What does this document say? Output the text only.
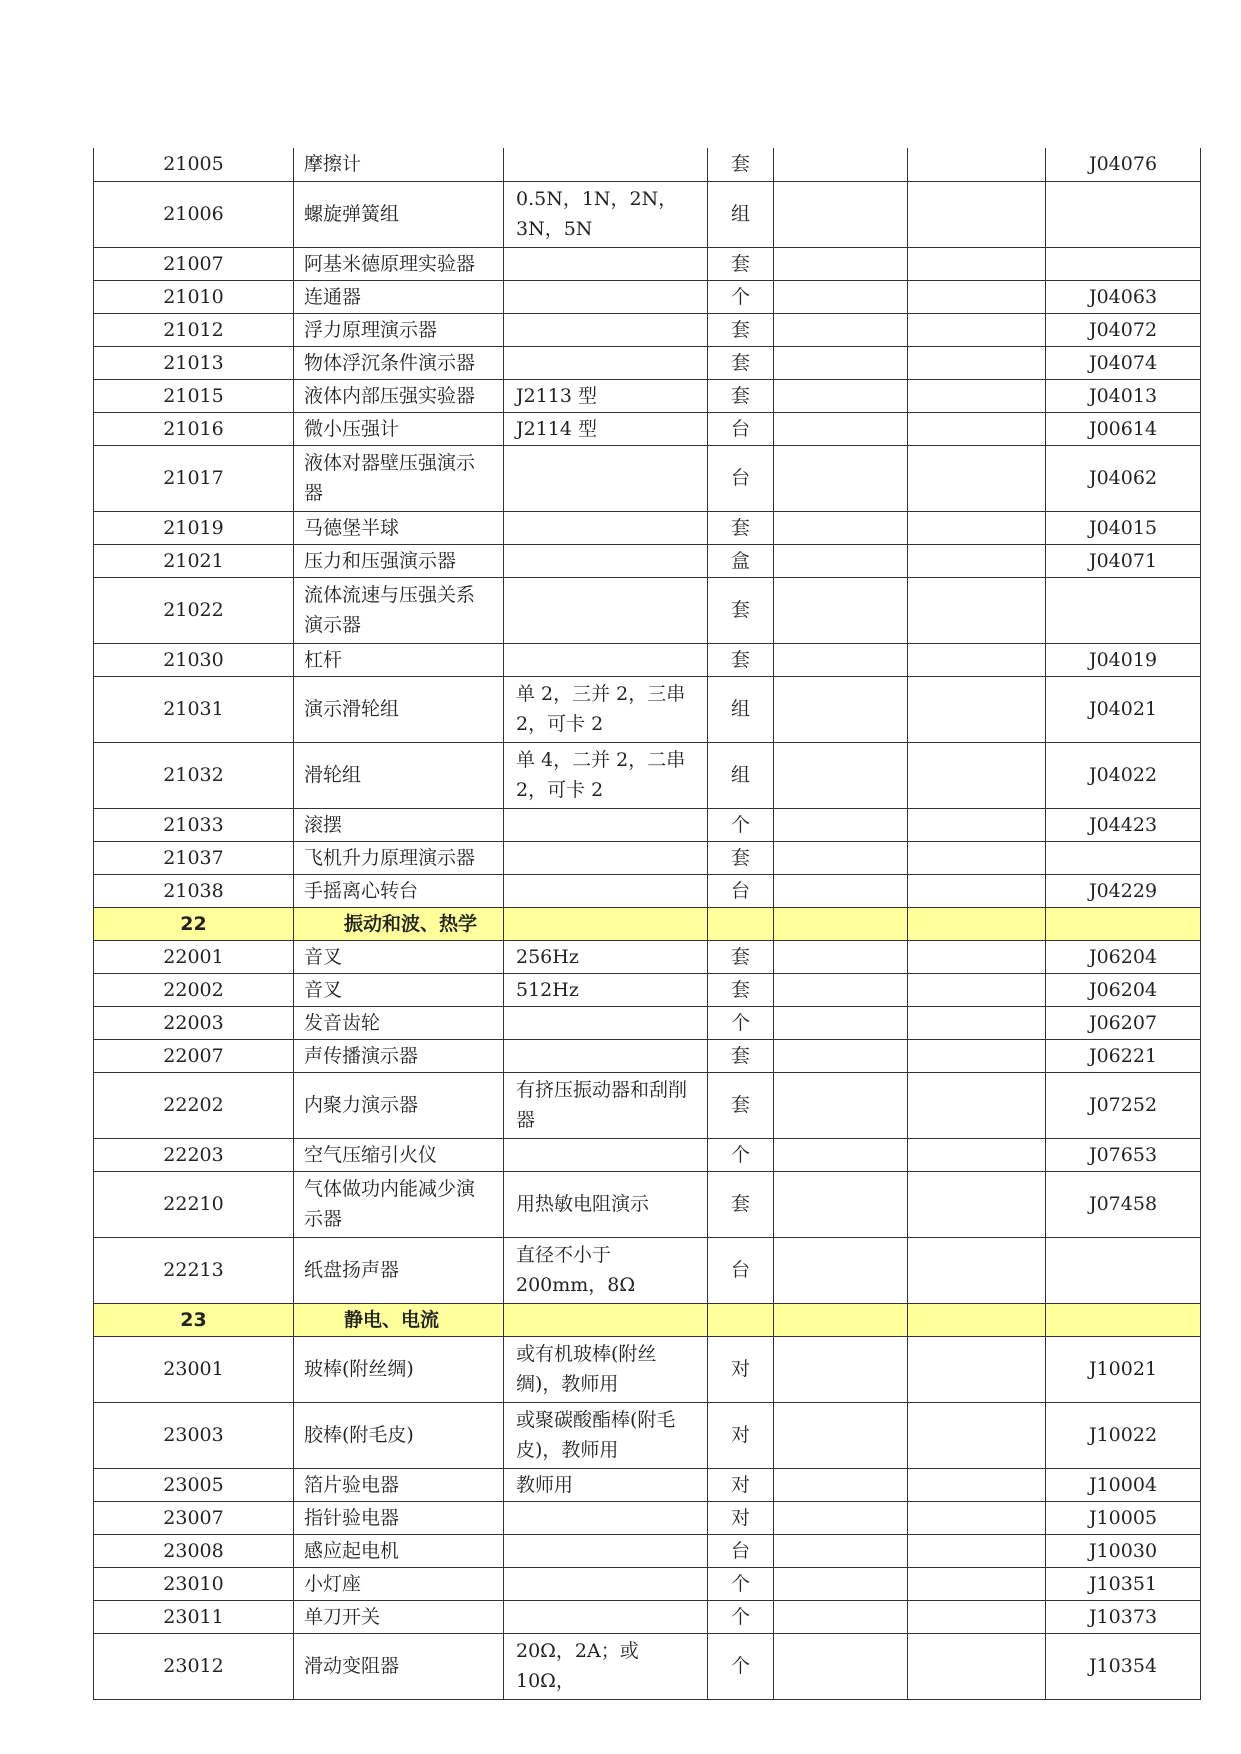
21005	摩擦计		套			J04076
21006	螺旋弹簧组	0.5N，1N，2N，3N，5N	组			
21007	阿基米德原理实验器		套			
21010	连通器		个			J04063
21012	浮力原理演示器		套			J04072
21013	物体浮沉条件演示器		套			J04074
21015	液体内部压强实验器	J2113 型	套			J04013
21016	微小压强计	J2114 型	台			J00614
21017	液体对器壁压强演示器		台			J04062
21019	马德堡半球		套			J04015
21021	压力和压强演示器		盒			J04071
21022	流体流速与压强关系演示器		套			
21030	杠杆		套			J04019
21031	演示滑轮组	单 2，三并 2，三串 2，可卡 2	组			J04021
21032	滑轮组	单 4，二并 2，二串 2，可卡 2	组			J04022
21033	滚摆		个			J04423
21037	飞机升力原理演示器		套			
21038	手摇离心转台		台			J04229
22	振动和波、热学					
22001	音叉	256Hz	套			J06204
22002	音叉	512Hz	套			J06204
22003	发音齿轮		个			J06207
22007	声传播演示器		套			J06221
22202	内聚力演示器	有挤压振动器和刮削器	套			J07252
22203	空气压缩引火仪		个			J07653
22210	气体做功内能减少演示器	用热敏电阻演示	套			J07458
22213	纸盘扬声器	直径不小于 200mm，8Ω	台			
23	静电、电流					
23001	玻棒(附丝绸)	或有机玻棒(附丝绸)，教师用	对			J10021
23003	胶棒(附毛皮)	或聚碳酸酯棒(附毛皮)，教师用	对			J10022
23005	箔片验电器	教师用	对			J10004
23007	指针验电器		对			J10005
23008	感应起电机		台			J10030
23010	小灯座		个			J10351
23011	单刀开关		个			J10373
23012	滑动变阻器	20Ω，2A；或 10Ω，	个			J10354
